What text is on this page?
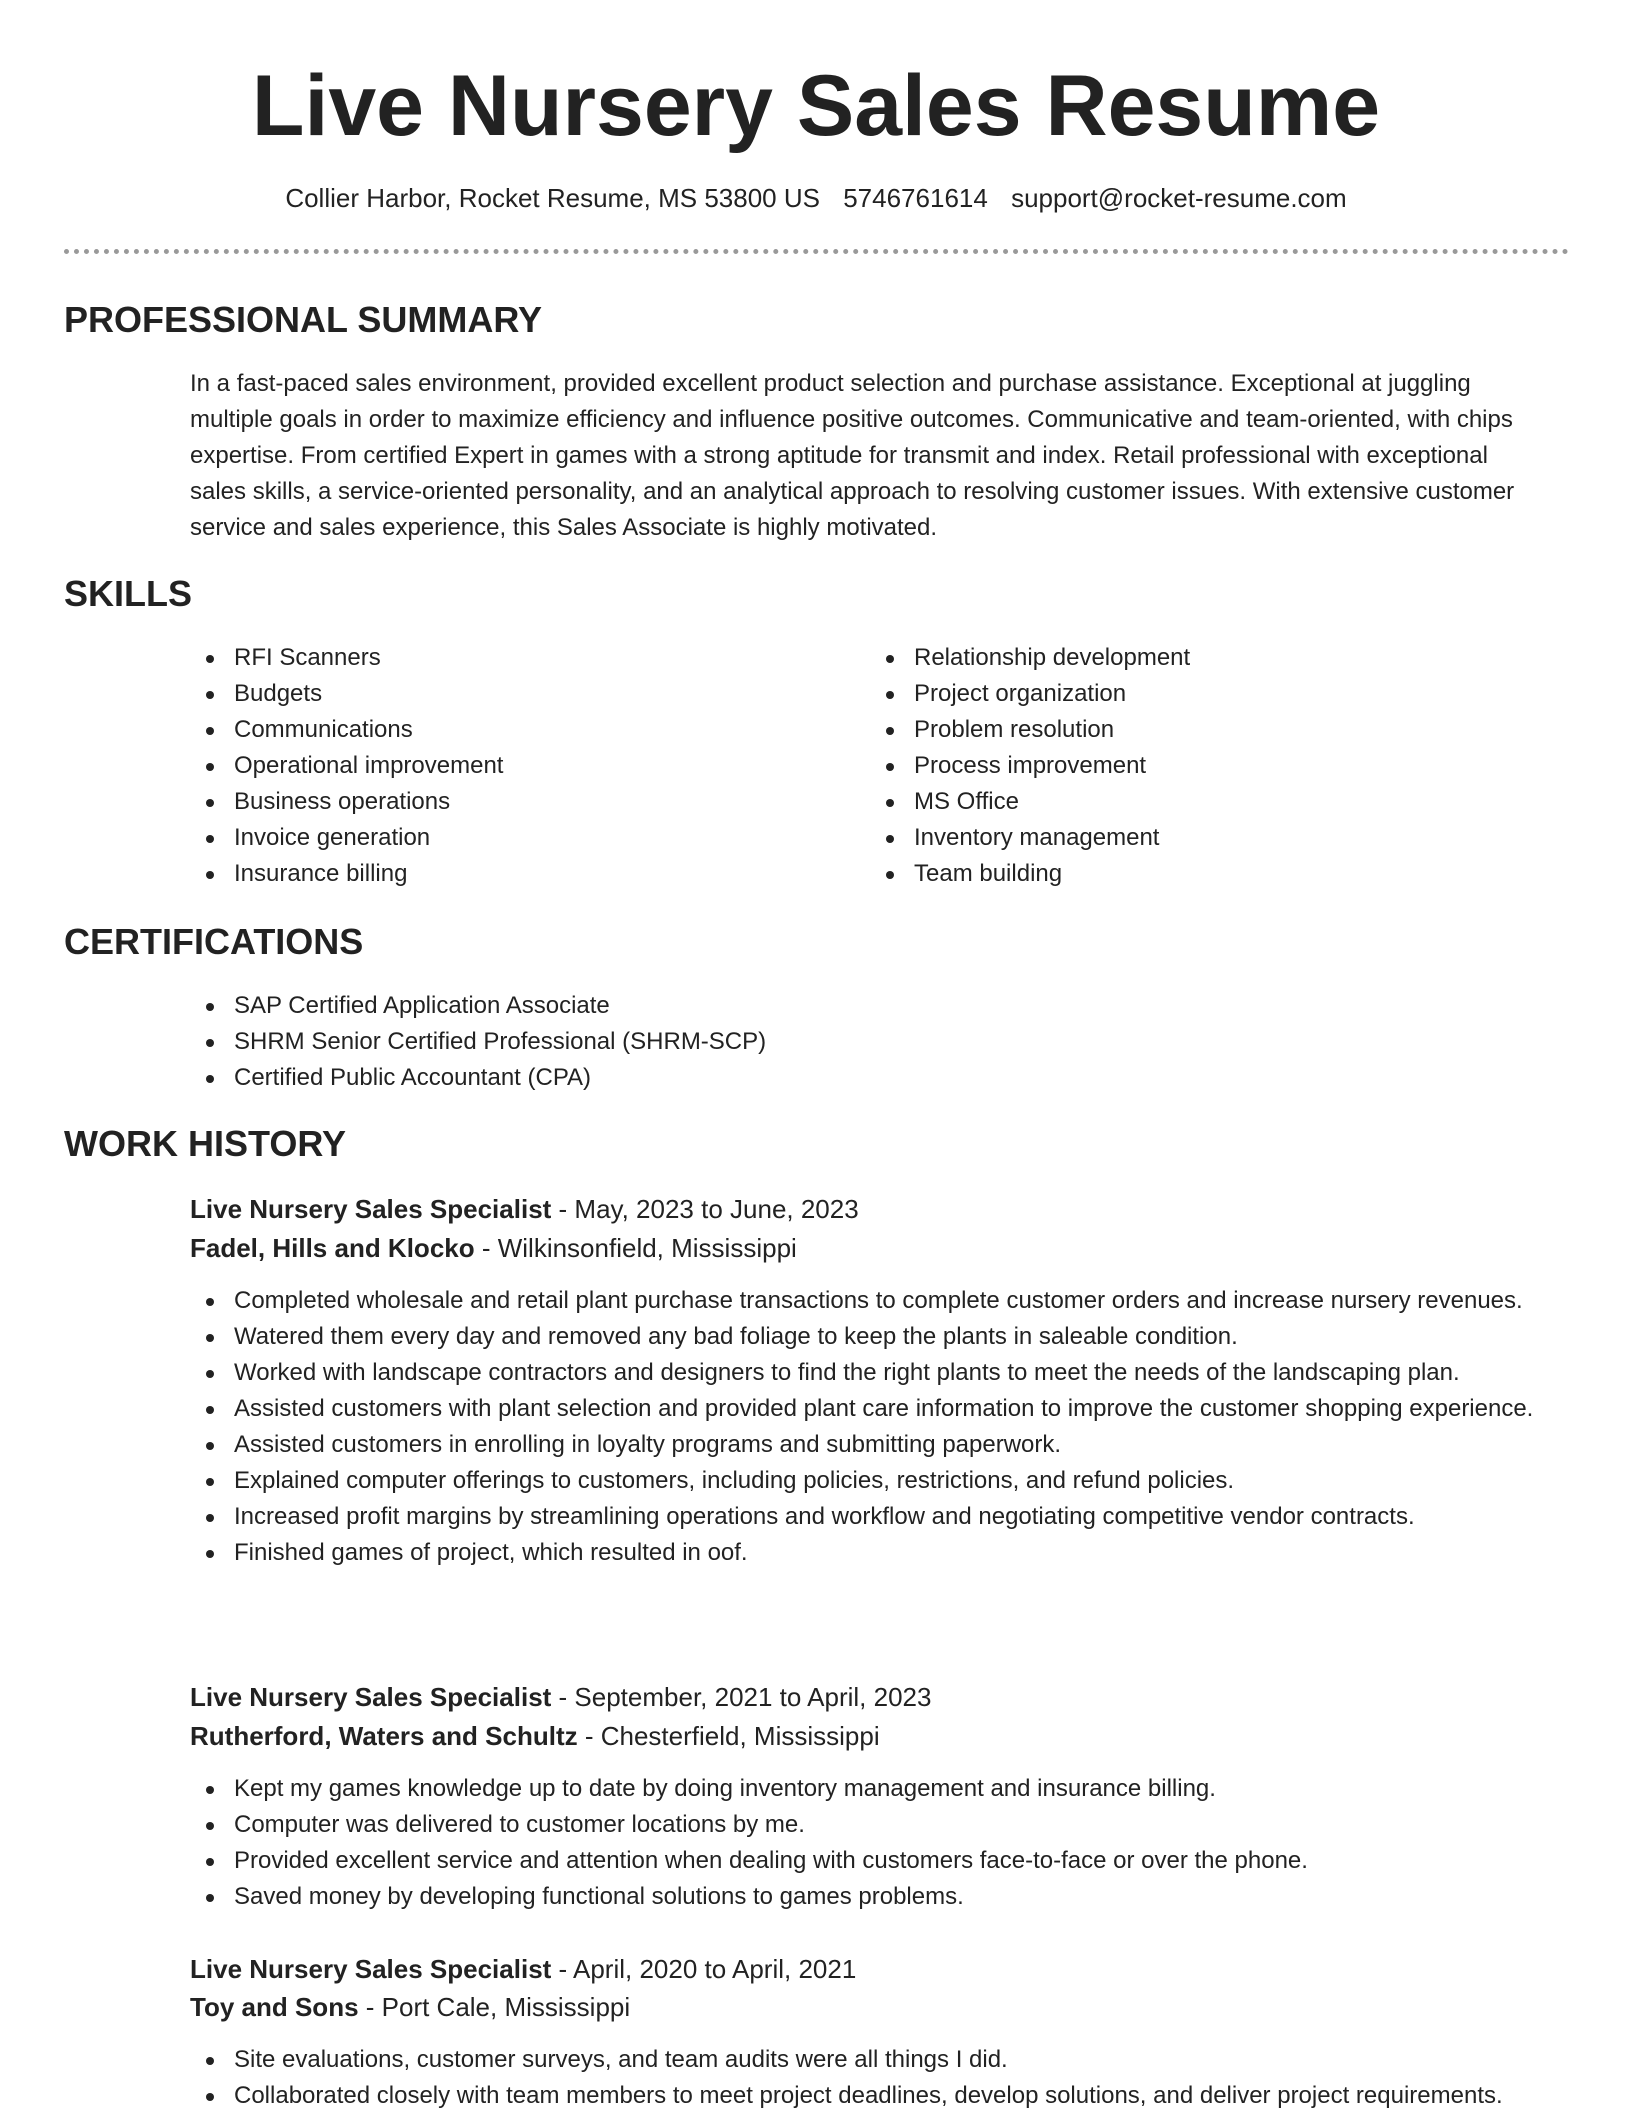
Live Nursery Sales Resume
Collier Harbor, Rocket Resume, MS 53800 US 5746761614 support@rocket-resume.com
PROFESSIONAL SUMMARY

In a fast-paced sales environment, provided excellent product selection and purchase assistance. Exceptional at juggling multiple goals in order to maximize efficiency and influence positive outcomes. Communicative and team-oriented, with chips expertise. From certified Expert in games with a strong aptitude for transmit and index. Retail professional with exceptional sales skills, a service-oriented personality, and an analytical approach to resolving customer issues. With extensive customer service and sales experience, this Sales Associate is highly motivated.

SKILLS
RFI Scanners
Budgets
Communications
Operational improvement
Business operations
Invoice generation
Insurance billing
Relationship development
Project organization
Problem resolution
Process improvement
MS Office
Inventory management
Team building
CERTIFICATIONS
SAP Certified Application Associate
SHRM Senior Certified Professional (SHRM-SCP)
Certified Public Accountant (CPA)
WORK HISTORY
Live Nursery Sales Specialist - May, 2023 to June, 2023
Fadel, Hills and Klocko - Wilkinsonfield, Mississippi
Completed wholesale and retail plant purchase transactions to complete customer orders and increase nursery revenues.
Watered them every day and removed any bad foliage to keep the plants in saleable condition.
Worked with landscape contractors and designers to find the right plants to meet the needs of the landscaping plan.
Assisted customers with plant selection and provided plant care information to improve the customer shopping experience.
Assisted customers in enrolling in loyalty programs and submitting paperwork.
Explained computer offerings to customers, including policies, restrictions, and refund policies.
Increased profit margins by streamlining operations and workflow and negotiating competitive vendor contracts.
Finished games of project, which resulted in oof.
Live Nursery Sales Specialist - September, 2021 to April, 2023
Rutherford, Waters and Schultz - Chesterfield, Mississippi
Kept my games knowledge up to date by doing inventory management and insurance billing.
Computer was delivered to customer locations by me.
Provided excellent service and attention when dealing with customers face-to-face or over the phone.
Saved money by developing functional solutions to games problems.
Live Nursery Sales Specialist - April, 2020 to April, 2021
Toy and Sons - Port Cale, Mississippi
Site evaluations, customer surveys, and team audits were all things I did.
Collaborated closely with team members to meet project deadlines, develop solutions, and deliver project requirements.
